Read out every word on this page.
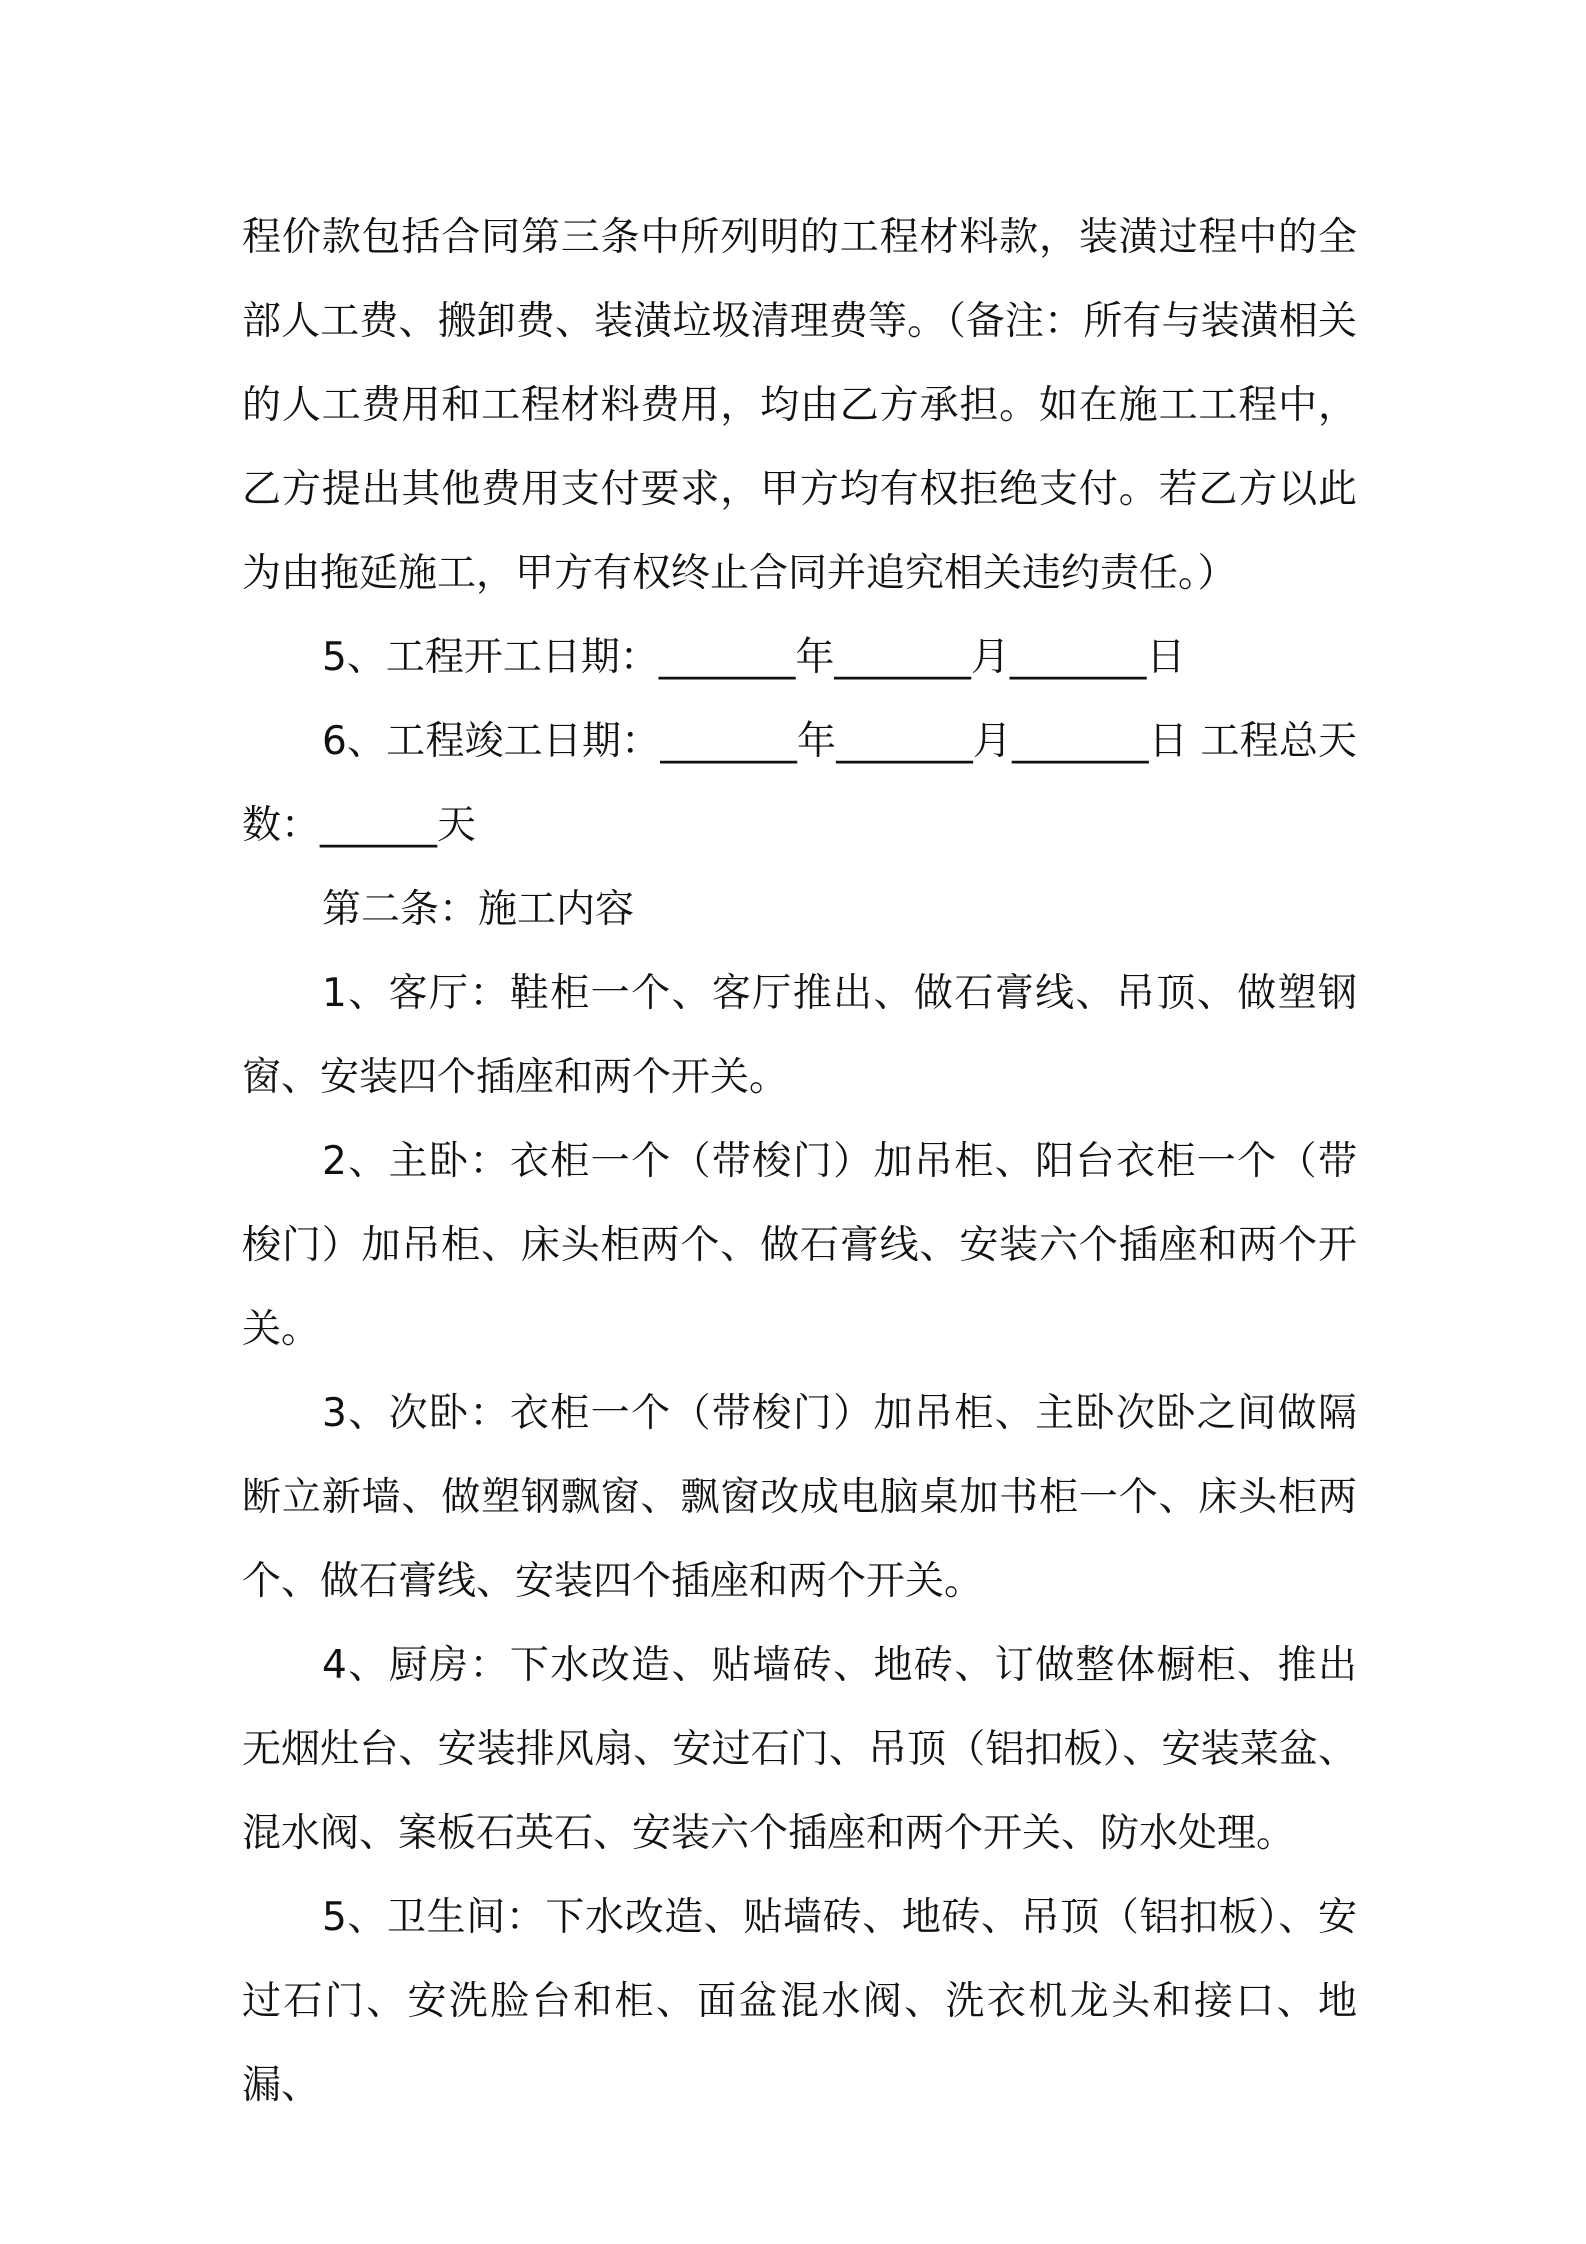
程价款包括合同第三条中所列明的工程材料款，装潢过程中的全部人工费、搬卸费、装潢垃圾清理费等。（备注：所有与装潢相关的人工费用和工程材料费用，均由乙方承担。如在施工工程中，乙方提出其他费用支付要求，甲方均有权拒绝支付。若乙方以此为由拖延施工，甲方有权终止合同并追究相关违约责任。）

5、工程开工日期：_______年_______月_______日

6、工程竣工日期：_______年_______月_______日 工程总天数：______天

第二条：施工内容

1、客厅：鞋柜一个、客厅推出、做石膏线、吊顶、做塑钢窗、安装四个插座和两个开关。

2、主卧：衣柜一个（带梭门）加吊柜、阳台衣柜一个（带梭门）加吊柜、床头柜两个、做石膏线、安装六个插座和两个开关。

3、次卧：衣柜一个（带梭门）加吊柜、主卧次卧之间做隔断立新墙、做塑钢飘窗、飘窗改成电脑桌加书柜一个、床头柜两个、做石膏线、安装四个插座和两个开关。

4、厨房：下水改造、贴墙砖、地砖、订做整体橱柜、推出无烟灶台、安装排风扇、安过石门、吊顶（铝扣板）、安装菜盆、混水阀、案板石英石、安装六个插座和两个开关、防水处理。

5、卫生间：下水改造、贴墙砖、地砖、吊顶（铝扣板）、安过石门、安洗脸台和柜、面盆混水阀、洗衣机龙头和接口、地漏、
